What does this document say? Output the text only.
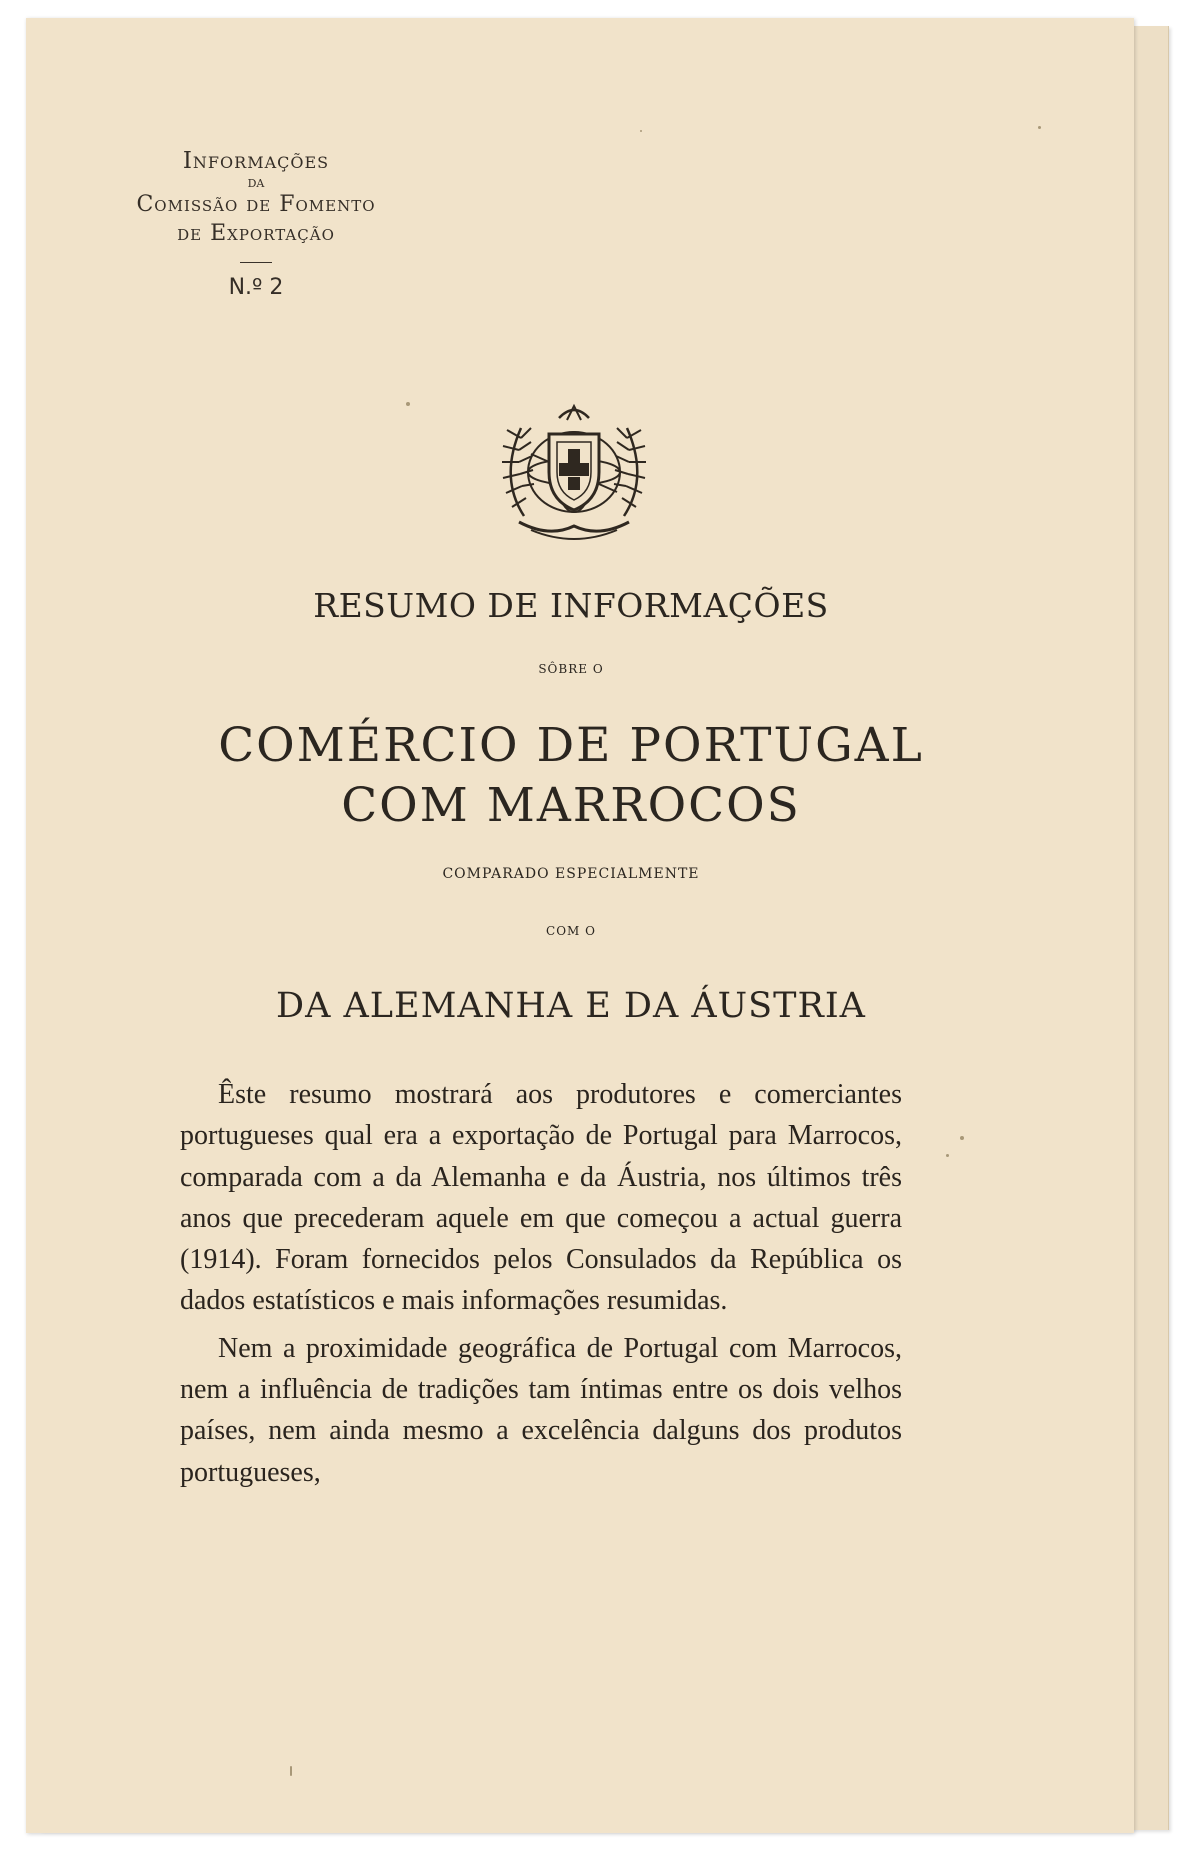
Informações
DA
Comissão de Fomento
de Exportação
N.º 2
RESUMO DE INFORMAÇÕES
SÔBRE O
COMÉRCIO DE PORTUGAL
COM MARROCOS
COMPARADO ESPECIALMENTE
COM O
DA ALEMANHA E DA ÁUSTRIA

Êste resumo mostrará aos produtores e comerciantes portugueses qual era a exportação de Portugal para Marrocos, comparada com a da Alemanha e da Áustria, nos últimos três anos que precederam aquele em que começou a actual guerra (1914). Foram fornecidos pelos Consulados da República os dados estatísticos e mais informações resumidas.

Nem a proximidade geográfica de Portugal com Marrocos, nem a influência de tradições tam íntimas entre os dois velhos países, nem ainda mesmo a excelência dalguns dos produtos portugueses,
